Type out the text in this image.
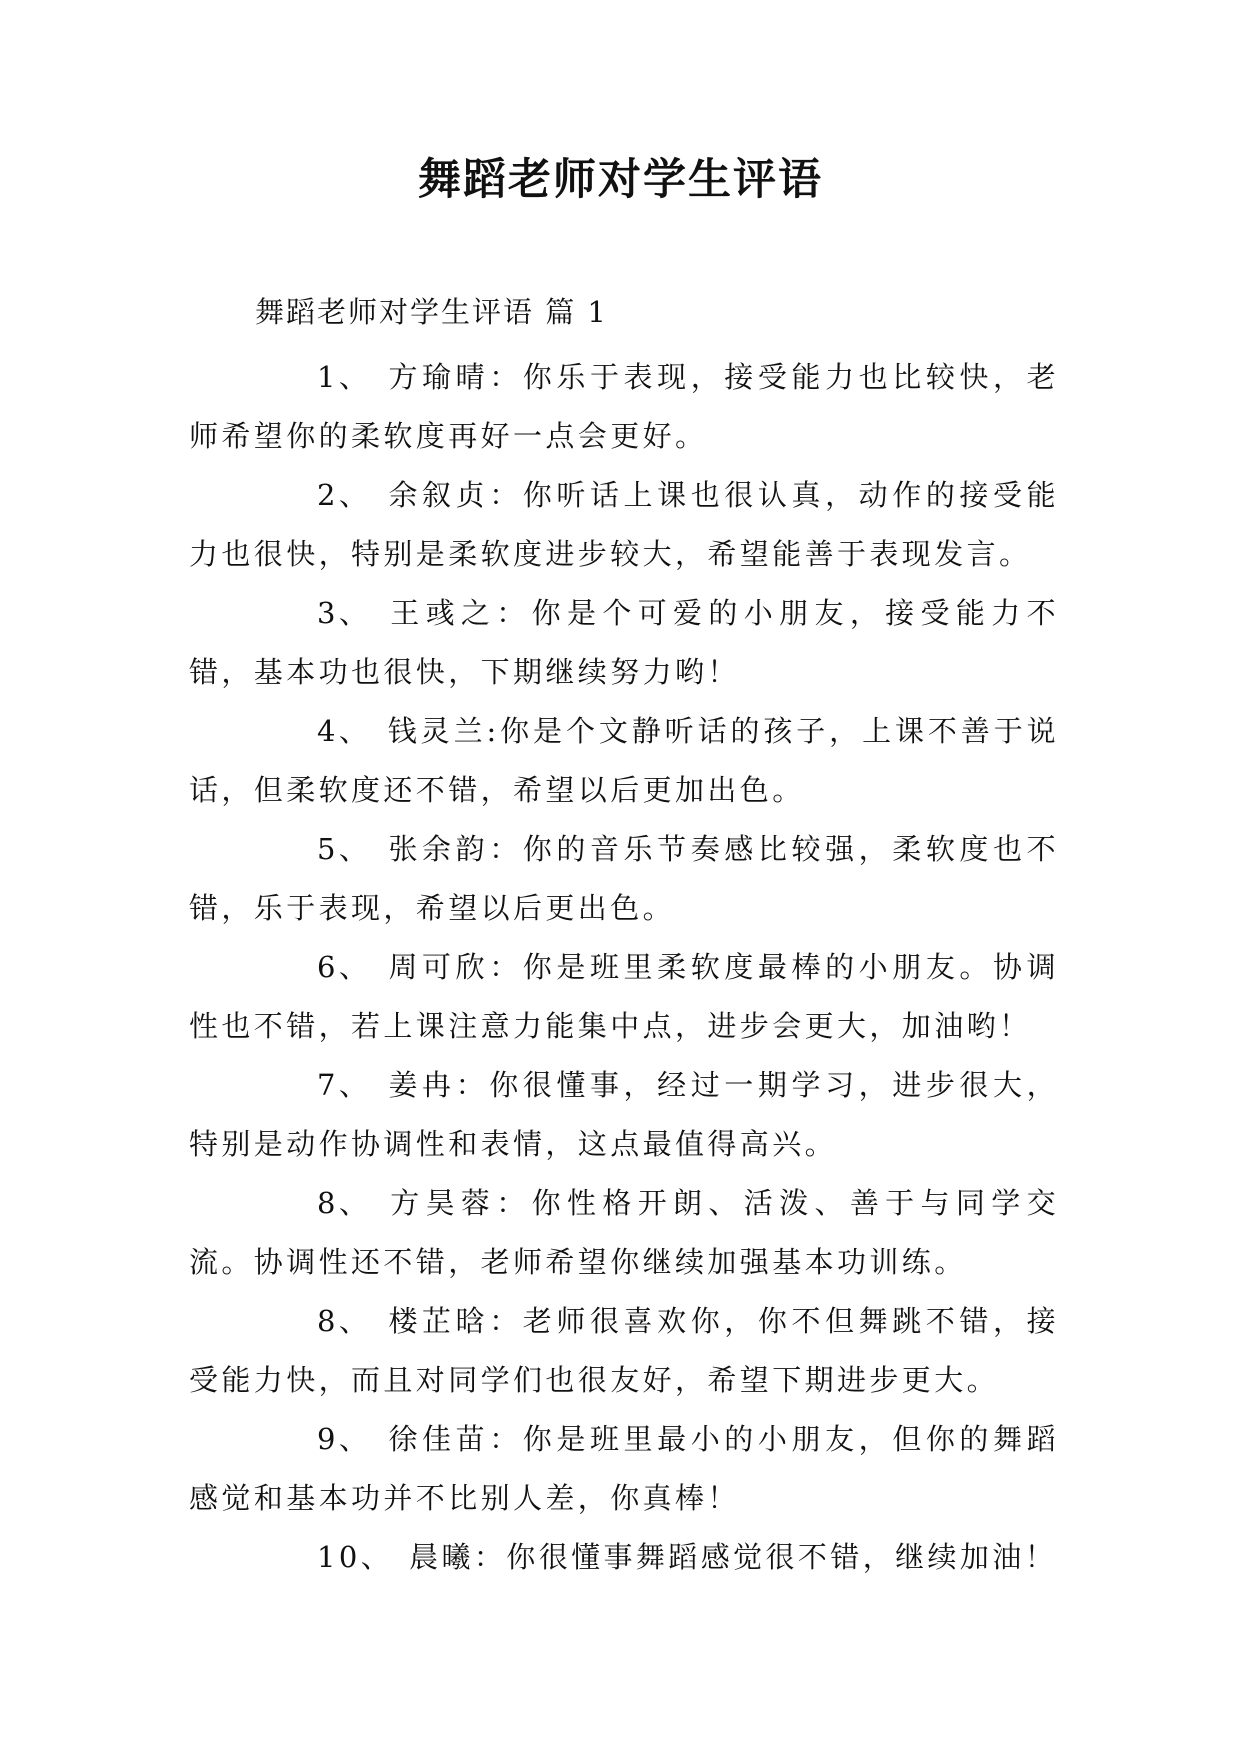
舞蹈老师对学生评语

舞蹈老师对学生评语 篇 1

1、 方瑜晴：你乐于表现，接受能力也比较快，老师希望你的柔软度再好一点会更好。

2、 余叙贞：你听话上课也很认真，动作的接受能力也很快，特别是柔软度进步较大，希望能善于表现发言。

3、 王彧之：你是个可爱的小朋友，接受能力不错，基本功也很快，下期继续努力哟！

4、 钱灵兰:你是个文静听话的孩子，上课不善于说话，但柔软度还不错，希望以后更加出色。

5、 张余韵：你的音乐节奏感比较强，柔软度也不错，乐于表现，希望以后更出色。

6、 周可欣：你是班里柔软度最棒的小朋友。协调性也不错，若上课注意力能集中点，进步会更大，加油哟！

7、 姜冉：你很懂事，经过一期学习，进步很大，特别是动作协调性和表情，这点最值得高兴。

8、 方昊蓉：你性格开朗、活泼、善于与同学交流。协调性还不错，老师希望你继续加强基本功训练。

8、 楼芷晗：老师很喜欢你，你不但舞跳不错，接受能力快，而且对同学们也很友好，希望下期进步更大。

9、 徐佳苗：你是班里最小的小朋友，但你的舞蹈感觉和基本功并不比别人差，你真棒！

10、 晨曦：你很懂事舞蹈感觉很不错，继续加油！
